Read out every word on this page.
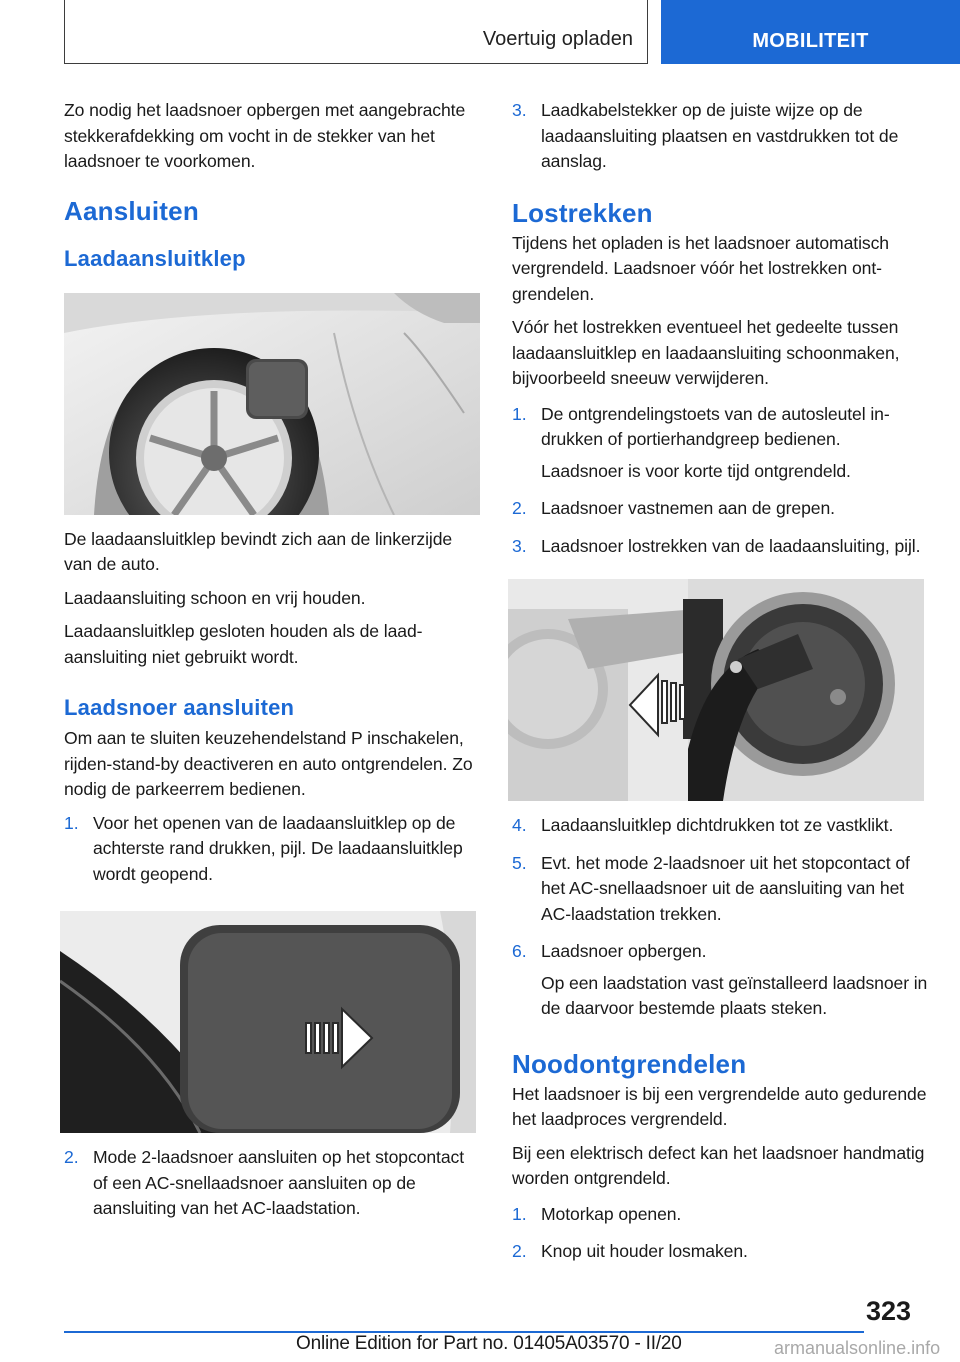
Voertuig opladen	MOBILITEIT

Zo nodig het laadsnoer opbergen met aangebrachte stekkerafdekking om vocht in de stekker van het laadsnoer te voorkomen.

Aansluiten
Laadaansluitklep

De laadaansluitklep bevindt zich aan de linkerzijde van de auto.

Laadaansluiting schoon en vrij houden.

Laadaansluitklep gesloten houden als de laadaansluiting niet gebruikt wordt.

Laadsnoer aansluiten

Om aan te sluiten keuzehendelstand P inschakelen, rijden-stand-by deactiveren en auto ontgrendelen. Zo nodig de parkeerrem bedienen.

1. Voor het openen van de laadaansluitklep op de achterste rand drukken, pijl. De laadaansluitklep wordt geopend.

2. Mode 2-laadsnoer aansluiten op het stopcontact of een AC-snellaadsnoer aansluiten op de aansluiting van het AC-laadstation.

3. Laadkabelstekker op de juiste wijze op de laadaansluiting plaatsen en vastdrukken tot de aanslag.

Lostrekken

Tijdens het opladen is het laadsnoer automatisch vergrendeld. Laadsnoer vóór het lostrekken ontgrendelen.

Vóór het lostrekken eventueel het gedeelte tussen laadaansluitklep en laadaansluiting schoonmaken, bijvoorbeeld sneeuw verwijderen.

1. De ontgrendelingstoets van de autosleutel indrukken of portierhandgreep bedienen.

Laadsnoer is voor korte tijd ontgrendeld.

2. Laadsnoer vastnemen aan de grepen.

3. Laadsnoer lostrekken van de laadaansluiting, pijl.

4. Laadaansluitklep dichtdrukken tot ze vastklikt.

5. Evt. het mode 2-laadsnoer uit het stopcontact of het AC-snellaadsnoer uit de aansluiting van het AC-laadstation trekken.

6. Laadsnoer opbergen.

Op een laadstation vast geïnstalleerd laadsnoer in de daarvoor bestemde plaats steken.

Noodontgrendelen

Het laadsnoer is bij een vergrendelde auto gedurende het laadproces vergrendeld.

Bij een elektrisch defect kan het laadsnoer handmatig worden ontgrendeld.

1. Motorkap openen.

2. Knop uit houder losmaken.

323
Online Edition for Part no. 01405A03570 - II/20	armanualsonline.info
